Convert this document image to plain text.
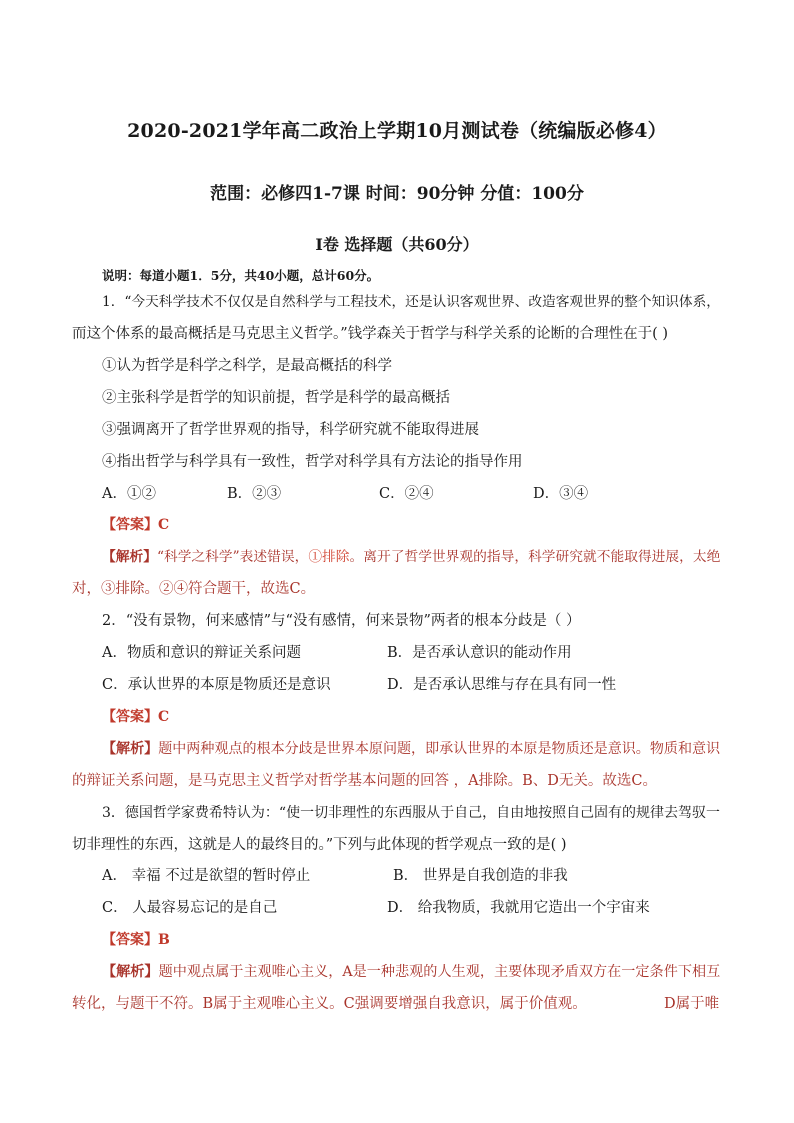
2020-2021学年高二政治上学期10月测试卷（统编版必修4）
范围：必修四1-7课 时间：90分钟 分值：100分
Ⅰ卷 选择题（共60分）
说明：每道小题1．5分，共40小题，总计60分。
1．“今天科学技术不仅仅是自然科学与工程技术，还是认识客观世界、改造客观世界的整个知识体系，
而这个体系的最高概括是马克思主义哲学。”钱学森关于哲学与科学关系的论断的合理性在于( )
①认为哲学是科学之科学，是最高概括的科学
②主张科学是哲学的知识前提，哲学是科学的最高概括
③强调离开了哲学世界观的指导，科学研究就不能取得进展
④指出哲学与科学具有一致性，哲学对科学具有方法论的指导作用
A．①②	B．②③	C．②④	D．③④
【答案】C
【解析】“科学之科学”表述错误，①排除。离开了哲学世界观的指导，科学研究就不能取得进展，太绝
对，③排除。②④符合题干，故选C。
2．“没有景物，何来感情”与“没有感情，何来景物”两者的根本分歧是（ ）
A．物质和意识的辩证关系问题	B．是否承认意识的能动作用
C．承认世界的本原是物质还是意识	D．是否承认思维与存在具有同一性
【答案】C
【解析】题中两种观点的根本分歧是世界本原问题，即承认世界的本原是物质还是意识。物质和意识
的辩证关系问题，是马克思主义哲学对哲学基本问题的回答 ，A排除。B、D无关。故选C。
3．德国哲学家费希特认为：“使一切非理性的东西服从于自己，自由地按照自己固有的规律去驾驭一
切非理性的东西，这就是人的最终目的。”下列与此体现的哲学观点一致的是( )
A． 幸福 不过是欲望的暂时停止	B． 世界是自我创造的非我
C． 人最容易忘记的是自己	D． 给我物质，我就用它造出一个宇宙来
【答案】B
【解析】题中观点属于主观唯心主义，A是一种悲观的人生观，主要体现矛盾双方在一定条件下相互
转化，与题干不符。B属于主观唯心主义。C强调要增强自我意识，属于价值观。	D属于唯
